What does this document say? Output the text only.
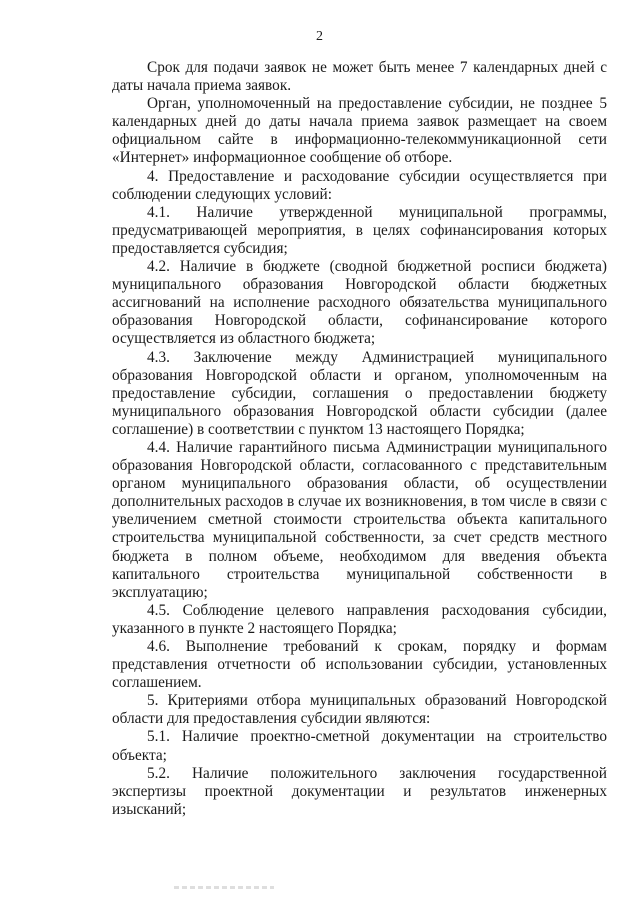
2

Срок для подачи заявок не может быть менее 7 календарных дней с даты начала приема заявок.

Орган, уполномоченный на предоставление субсидии, не позднее 5 календарных дней до даты начала приема заявок размещает на своем официальном сайте в информационно-телекоммуникационной сети «Интернет» информационное сообщение об отборе.

4. Предоставление и расходование субсидии осуществляется при соблюдении следующих условий:

4.1. Наличие утвержденной муниципальной программы, предусматривающей мероприятия, в целях софинансирования которых предоставляется субсидия;

4.2. Наличие в бюджете (сводной бюджетной росписи бюджета) муниципального образования Новгородской области бюджетных ассигнований на исполнение расходного обязательства муниципального образования Новгородской области, софинансирование которого осуществляется из областного бюджета;

4.3. Заключение между Администрацией муниципального образования Новгородской области и органом, уполномоченным на предоставление субсидии, соглашения о предоставлении бюджету муниципального образования Новгородской области субсидии (далее соглашение) в соответствии с пунктом 13 настоящего Порядка;

4.4. Наличие гарантийного письма Администрации муниципального образования Новгородской области, согласованного с представительным органом муниципального образования области, об осуществлении дополнительных расходов в случае их возникновения, в том числе в связи с увеличением сметной стоимости строительства объекта капитального строительства муниципальной собственности, за счет средств местного бюджета в полном объеме, необходимом для введения объекта капитального строительства муниципальной собственности в эксплуатацию;

4.5. Соблюдение целевого направления расходования субсидии, указанного в пункте 2 настоящего Порядка;

4.6. Выполнение требований к срокам, порядку и формам представления отчетности об использовании субсидии, установленных соглашением.

5. Критериями отбора муниципальных образований Новгородской области для предоставления субсидии являются:

5.1. Наличие проектно-сметной документации на строительство объекта;

5.2. Наличие положительного заключения государственной экспертизы проектной документации и результатов инженерных изысканий;
